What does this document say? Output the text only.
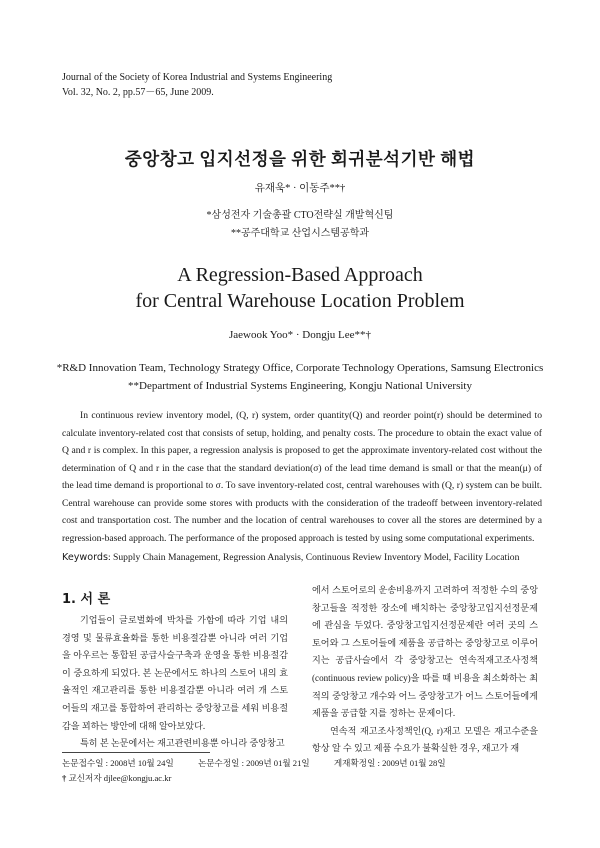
Journal of the Society of Korea Industrial and Systems Engineering
Vol. 32, No. 2, pp.57－65, June 2009.
중앙창고 입지선정을 위한 회귀분석기반 해법
유재욱* · 이동주**†
*삼성전자 기술총괄 CTO전략실 개발혁신팀
**공주대학교 산업시스템공학과
A Regression-Based Approach
for Central Warehouse Location Problem
Jaewook Yoo* · Dongju Lee**†
*R&D Innovation Team, Technology Strategy Office, Corporate Technology Operations, Samsung Electronics
**Department of Industrial Systems Engineering, Kongju National University

In continuous review inventory model, (Q, r) system, order quantity(Q) and reorder point(r) should be determined to calculate inventory-related cost that consists of setup, holding, and penalty costs. The procedure to obtain the exact value of Q and r is complex. In this paper, a regression analysis is proposed to get the approximate inventory-related cost without the determination of Q and r in the case that the standard deviation(σ) of the lead time demand is small or that the mean(μ) of the lead time demand is proportional to σ. To save inventory-related cost, central warehouses with (Q, r) system can be built. Central warehouse can provide some stores with products with the consideration of the tradeoff between inventory-related cost and transportation cost. The number and the location of central warehouses to cover all the stores are determined by a regression-based approach. The performance of the proposed approach is tested by using some computational experiments.

Keywords: Supply Chain Management, Regression Analysis, Continuous Review Inventory Model, Facility Location
1. 서 론

기업들이 글로벌화에 박차를 가함에 따라 기업 내의 경영 및 물류효율화를 통한 비용절감뿐 아니라 여러 기업을 아우르는 통합된 공급사슬구축과 운영을 통한 비용절감이 중요하게 되었다. 본 논문에서도 하나의 스토어 내의 효율적인 재고관리를 통한 비용절감뿐 아니라 여러 개 스토어들의 재고를 통합하여 관리하는 중앙창고를 세워 비용절감을 꾀하는 방안에 대해 알아보았다.

특히 본 논문에서는 재고관련비용뿐 아니라 중앙창고

에서 스토어로의 운송비용까지 고려하여 적정한 수의 중앙창고들을 적정한 장소에 배치하는 중앙창고입지선정문제에 관심을 두었다. 중앙창고입지선정문제란 여러 곳의 스토어와 그 스토어들에 제품을 공급하는 중앙창고로 이루어지는 공급사슬에서 각 중앙창고는 연속적재고조사정책(continuous review policy)을 따를 때 비용을 최소화하는 최적의 중앙창고 개수와 어느 중앙창고가 어느 스토어들에게 제품을 공급할 지를 정하는 문제이다.

연속적 재고조사정책인(Q, r)재고 모델은 재고수준을 항상 알 수 있고 제품 수요가 불확실한 경우, 재고가 재

논문접수일 : 2008년 10월 24일	논문수정일 : 2009년 01월 21일	게재확정일 : 2009년 01월 28일
† 교신저자 djlee@kongju.ac.kr
